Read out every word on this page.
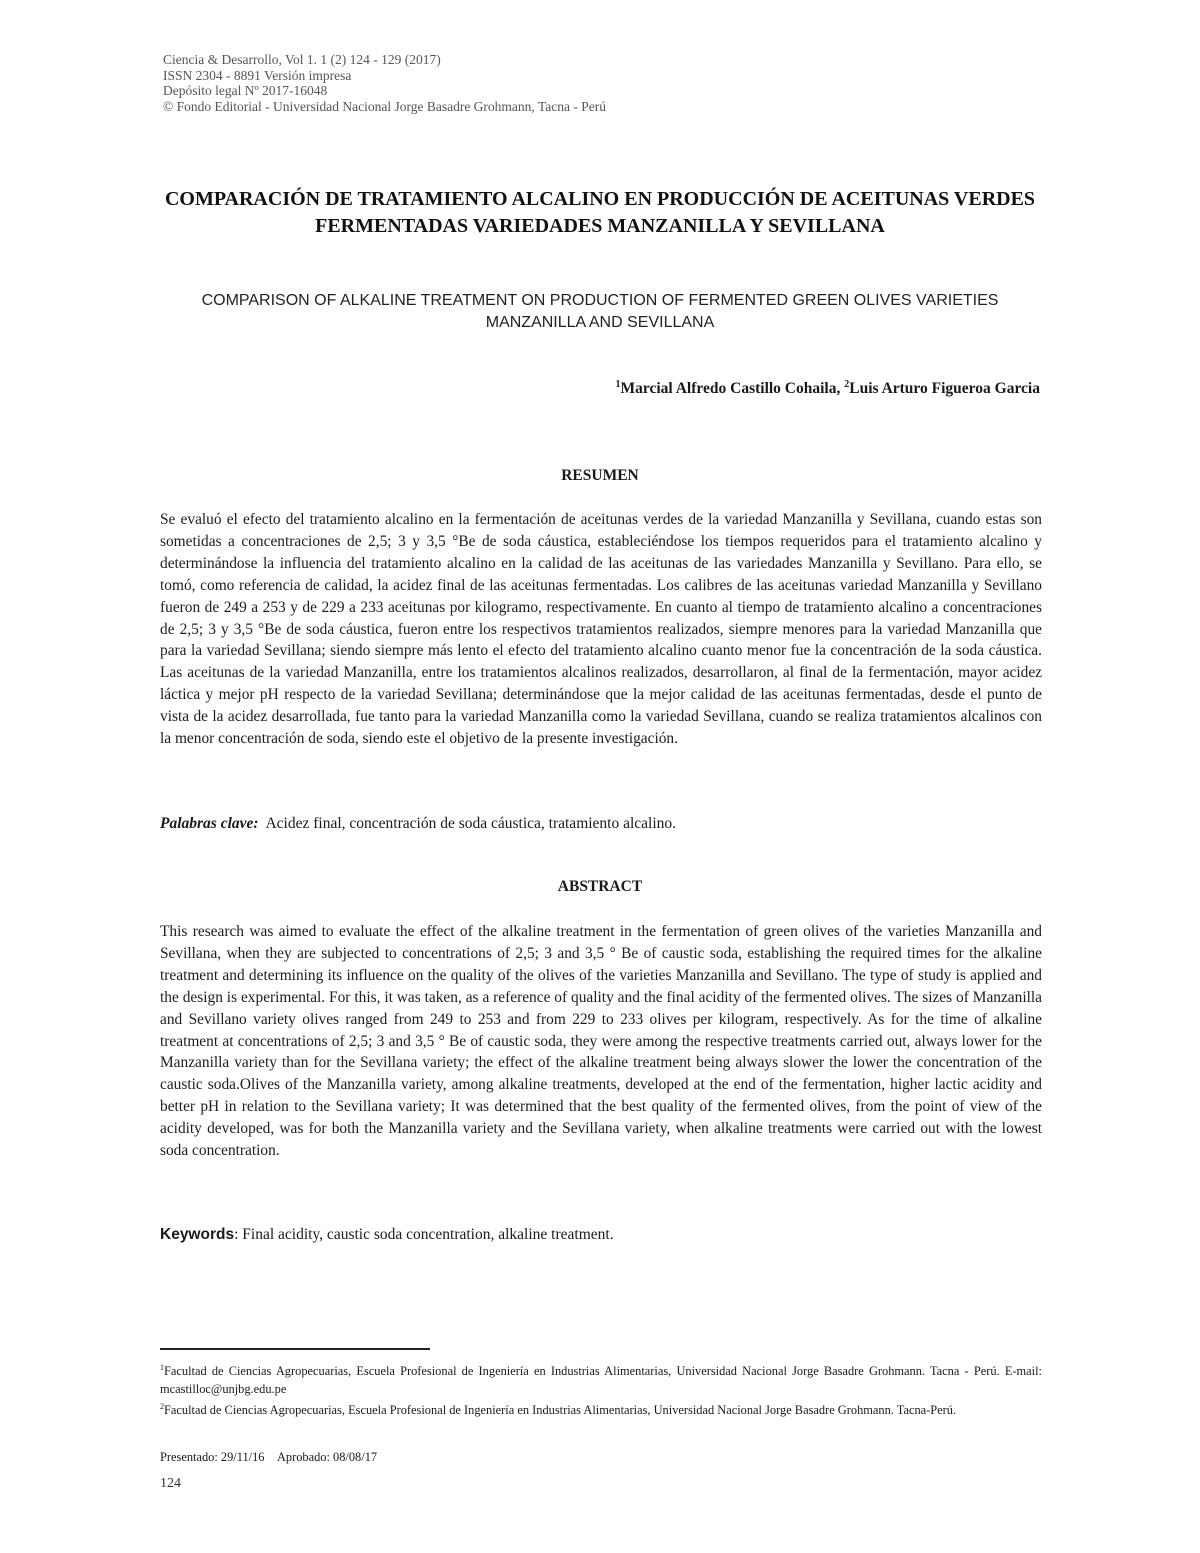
Ciencia & Desarrollo, Vol 1. 1 (2) 124 - 129 (2017)
ISSN 2304 - 8891 Versión impresa
Depósito legal Nº 2017-16048
© Fondo Editorial - Universidad Nacional Jorge Basadre Grohmann, Tacna - Perú
COMPARACIÓN DE TRATAMIENTO ALCALINO EN PRODUCCIÓN DE ACEITUNAS VERDES FERMENTADAS VARIEDADES MANZANILLA Y SEVILLANA
COMPARISON OF ALKALINE TREATMENT ON PRODUCTION OF FERMENTED GREEN OLIVES VARIETIES MANZANILLA AND SEVILLANA
$^1$Marcial Alfredo Castillo Cohaila, $^2$Luis Arturo Figueroa Garcia
RESUMEN
Se evaluó el efecto del tratamiento alcalino en la fermentación de aceitunas verdes de la variedad Manzanilla y Sevillana, cuando estas son sometidas a concentraciones de 2,5; 3 y 3,5 °Be de soda cáustica, estableciéndose los tiempos requeridos para el tratamiento alcalino y determinándose la influencia del tratamiento alcalino en la calidad de las aceitunas de las variedades Manzanilla y Sevillano. Para ello, se tomó, como referencia de calidad, la acidez final de las aceitunas fermentadas. Los calibres de las aceitunas variedad Manzanilla y Sevillano fueron de 249 a 253 y de 229 a 233 aceitunas por kilogramo, respectivamente. En cuanto al tiempo de tratamiento alcalino a concentraciones de 2,5; 3 y 3,5 °Be de soda cáustica, fueron entre los respectivos tratamientos realizados, siempre menores para la variedad Manzanilla que para la variedad Sevillana; siendo siempre más lento el efecto del tratamiento alcalino cuanto menor fue la concentración de la soda cáustica. Las aceitunas de la variedad Manzanilla, entre los tratamientos alcalinos realizados, desarrollaron, al final de la fermentación, mayor acidez láctica y mejor pH respecto de la variedad Sevillana; determinándose que la mejor calidad de las aceitunas fermentadas, desde el punto de vista de la acidez desarrollada, fue tanto para la variedad Manzanilla como la variedad Sevillana, cuando se realiza tratamientos alcalinos con la menor concentración de soda, siendo este el objetivo de la presente investigación.
Palabras clave: Acidez final, concentración de soda cáustica, tratamiento alcalino.
ABSTRACT
This research was aimed to evaluate the effect of the alkaline treatment in the fermentation of green olives of the varieties Manzanilla and Sevillana, when they are subjected to concentrations of 2,5; 3 and 3,5 ° Be of caustic soda, establishing the required times for the alkaline treatment and determining its influence on the quality of the olives of the varieties Manzanilla and Sevillano. The type of study is applied and the design is experimental. For this, it was taken, as a reference of quality and the final acidity of the fermented olives. The sizes of Manzanilla and Sevillano variety olives ranged from 249 to 253 and from 229 to 233 olives per kilogram, respectively. As for the time of alkaline treatment at concentrations of 2,5; 3 and 3,5 ° Be of caustic soda, they were among the respective treatments carried out, always lower for the Manzanilla variety than for the Sevillana variety; the effect of the alkaline treatment being always slower the lower the concentration of the caustic soda.Olives of the Manzanilla variety, among alkaline treatments, developed at the end of the fermentation, higher lactic acidity and better pH in relation to the Sevillana variety; It was determined that the best quality of the fermented olives, from the point of view of the acidity developed, was for both the Manzanilla variety and the Sevillana variety, when alkaline treatments were carried out with the lowest soda concentration.
Keywords: Final acidity, caustic soda concentration, alkaline treatment.
$^1$Facultad de Ciencias Agropecuarias, Escuela Profesional de Ingeniería en Industrias Alimentarias, Universidad Nacional Jorge Basadre Grohmann. Tacna - Perú. E-mail: mcastilloc@unjbg.edu.pe
$^2$Facultad de Ciencias Agropecuarias, Escuela Profesional de Ingeniería en Industrias Alimentarias, Universidad Nacional Jorge Basadre Grohmann. Tacna-Perú.
Presentado: 29/11/16 Aprobado: 08/08/17
124
